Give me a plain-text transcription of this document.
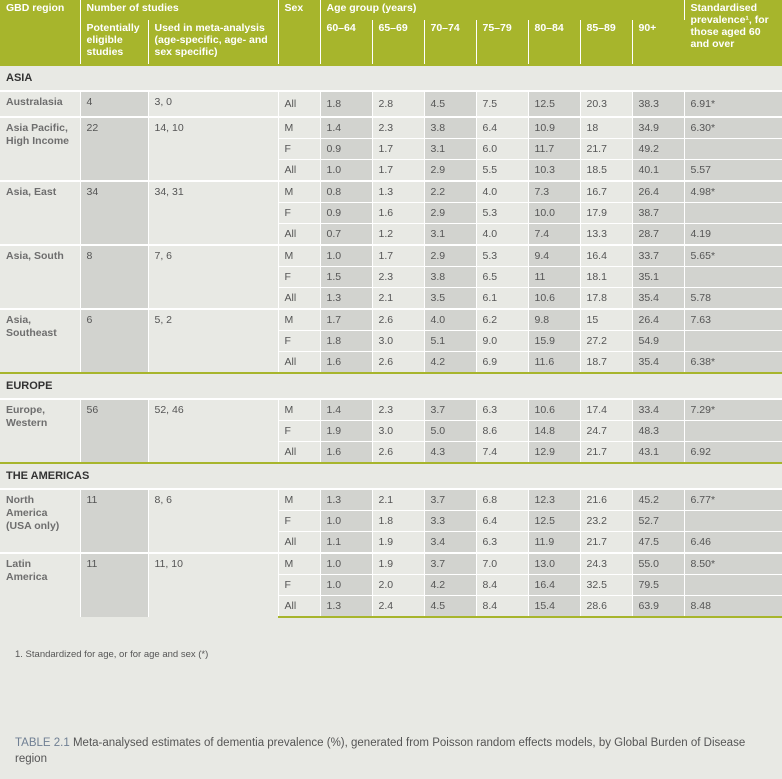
GBD region	Number of studies		Sex	Age group (years)							Standardised prevalence¹, for those aged 60 and over
	Potentially eligible studies	Used in meta-analysis (age-specific, age- and sex specific)		60–64	65–69	70–74	75–79	80–84	85–89	90+	
ASIA											
Australasia	4	3, 0	All	1.8	2.8	4.5	7.5	12.5	20.3	38.3	6.91*
Asia Pacific, High Income	22	14, 10	M	1.4	2.3	3.8	6.4	10.9	18	34.9	6.30*
			F	0.9	1.7	3.1	6.0	11.7	21.7	49.2	
			All	1.0	1.7	2.9	5.5	10.3	18.5	40.1	5.57
Asia, East	34	34, 31	M	0.8	1.3	2.2	4.0	7.3	16.7	26.4	4.98*
			F	0.9	1.6	2.9	5.3	10.0	17.9	38.7	
			All	0.7	1.2	3.1	4.0	7.4	13.3	28.7	4.19
Asia, South	8	7, 6	M	1.0	1.7	2.9	5.3	9.4	16.4	33.7	5.65*
			F	1.5	2.3	3.8	6.5	11	18.1	35.1	
			All	1.3	2.1	3.5	6.1	10.6	17.8	35.4	5.78
Asia, Southeast	6	5, 2	M	1.7	2.6	4.0	6.2	9.8	15	26.4	7.63
			F	1.8	3.0	5.1	9.0	15.9	27.2	54.9	
			All	1.6	2.6	4.2	6.9	11.6	18.7	35.4	6.38*
EUROPE											
Europe, Western	56	52, 46	M	1.4	2.3	3.7	6.3	10.6	17.4	33.4	7.29*
			F	1.9	3.0	5.0	8.6	14.8	24.7	48.3	
			All	1.6	2.6	4.3	7.4	12.9	21.7	43.1	6.92
THE AMERICAS											
North America (USA only)	11	8, 6	M	1.3	2.1	3.7	6.8	12.3	21.6	45.2	6.77*
			F	1.0	1.8	3.3	6.4	12.5	23.2	52.7	
			All	1.1	1.9	3.4	6.3	11.9	21.7	47.5	6.46
Latin America	11	11, 10	M	1.0	1.9	3.7	7.0	13.0	24.3	55.0	8.50*
			F	1.0	2.0	4.2	8.4	16.4	32.5	79.5	
			All	1.3	2.4	4.5	8.4	15.4	28.6	63.9	8.48
1. Standardized for age, or for age and sex (*)
TABLE 2.1 Meta-analysed estimates of dementia prevalence (%), generated from Poisson random effects models, by Global Burden of Disease region
